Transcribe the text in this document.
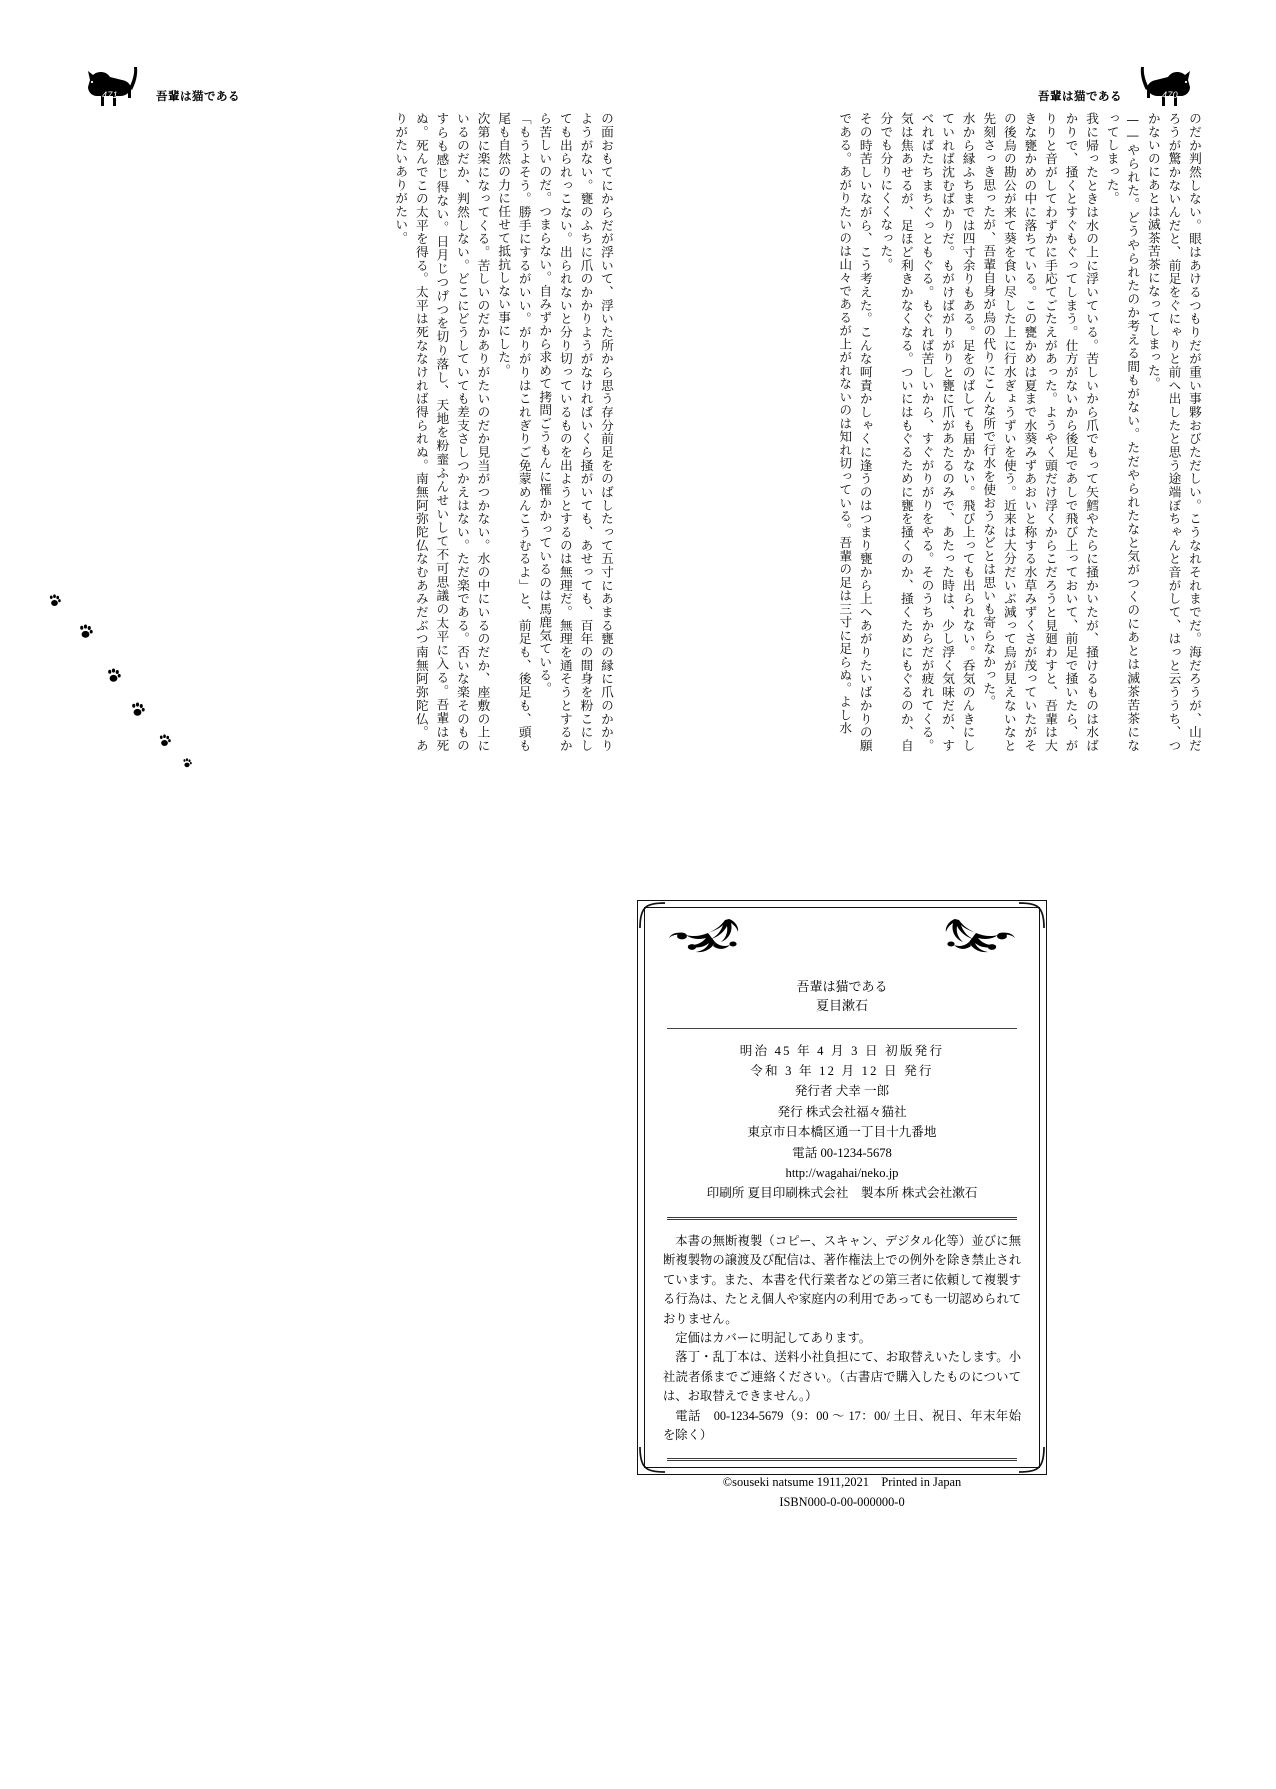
471	吾輩は猫である	470
吾輩は猫である

のだか判然しない。眼はあけるつもりだが重い事夥おびただしい。こうなれそれまでだ。海だろうが、山だろうが驚かないんだと、前足をぐにゃりと前へ出したと思う途端ぼちゃんと音がして、はっと云ううち、つかないのにあとは滅茶苦茶になってしまった。

——やられた。どうやられたのか考える間もがない。ただやられたなと気がつくのにあとは滅茶苦茶になってしまった。

我に帰ったときは水の上に浮いている。苦しいから爪でもって矢鱈やたらに掻かいたが、掻けるものは水ばかりで、掻くとすぐもぐってしまう。仕方がないから後足であしで飛び上っておいて、前足で掻いたら、がりりと音がしてわずかに手応てごたえがあった。ようやく頭だけ浮くからこだろうと見廻わすと、吾輩は大きな甕かめの中に落ちている。この甕かめは夏まで水葵みずあおいと称する水草みずくさが茂っていたがその後烏の勘公が来て葵を食い尽した上に行水ぎょうずいを使う。近来は大分だいぶ減って烏が見えないなと先刻さっき思ったが、吾輩自身が烏の代りにこんな所で行水を使おうなどとは思いも寄らなかった。

水から縁ふちまでは四寸余りもある。足をのばしても届かない。飛び上っても出られない。呑気のんきにしていれば沈むばかりだ。もがけばがりがりと甕に爪があたるのみで、あたった時は、少し浮く気味だが、すべればたちまちぐっともぐる。もぐれば苦しいから、すぐがりがりをやる。そのうちからだが疲れてくる。気は焦あせるが、足ほど利きかなくなる。ついにはもぐるために甕を掻くのか、掻くためにもぐるのか、自分でも分りにくくなった。

その時苦しいながら、こう考えた。こんな呵責かしゃくに逢うのはつまり甕から上へあがりたいばかりの願である。あがりたいのは山々であるが上がれないのは知れ切っている。吾輩の足は三寸に足らぬ。よし水

の面おもてにからだが浮いて、浮いた所から思う存分前足をのばしたって五寸にあまる甕の縁に爪のかかりようがない。甕のふちに爪のかかりようがなければいくら掻がいても、あせっても、百年の間身を粉こにしても出られっこない。出られないと分り切っているものを出ようとするのは無理だ。無理を通そうとするから苦しいのだ。つまらない。自みずから求めて拷問ごうもんに罹かかっているのは馬鹿気ている。

「もうよそう。勝手にするがいい。がりがりはこれぎりご免蒙めんこうむるよ」と、前足も、後足も、頭も尾も自然の力に任せて抵抗しない事にした。

次第に楽になってくる。苦しいのだかありがたいのだか見当がつかない。水の中にいるのだか、座敷の上にいるのだか、判然しない。どこにどうしていても差支さしつかえはない。ただ楽である。否いな楽そのものすらも感じ得ない。日月じつげつを切り落し、天地を粉韲ふんせいして不可思議の太平に入る。吾輩は死ぬ。死んでこの太平を得る。太平は死ななければ得られぬ。南無阿弥陀仏なむあみだぶつ南無阿弥陀仏。ありがたいありがたい。

吾輩は猫である
夏目漱石
明治 45 年 4 月 3 日 初版発行
令和 3 年 12 月 12 日 発行
発行者 犬幸 一郎
発行 株式会社福々猫社
東京市日本橋区通一丁目十九番地
電話 00-1234-5678
http://wagahai/neko.jp
印刷所 夏目印刷株式会社　製本所 株式会社漱石

本書の無断複製（コピー、スキャン、デジタル化等）並びに無断複製物の譲渡及び配信は、著作権法上での例外を除き禁止されています。また、本書を代行業者などの第三者に依頼して複製する行為は、たとえ個人や家庭内の利用であっても一切認められておりません。

定価はカバーに明記してあります。

落丁・乱丁本は、送料小社負担にて、お取替えいたします。小社読者係までご連絡ください。（古書店で購入したものについては、お取替えできません。）

電話　00-1234-5679（9：00 ～ 17：00/ 土日、祝日、年末年始を除く）

©souseki natsume 1911,2021　Printed in Japan
ISBN000-0-00-000000-0
